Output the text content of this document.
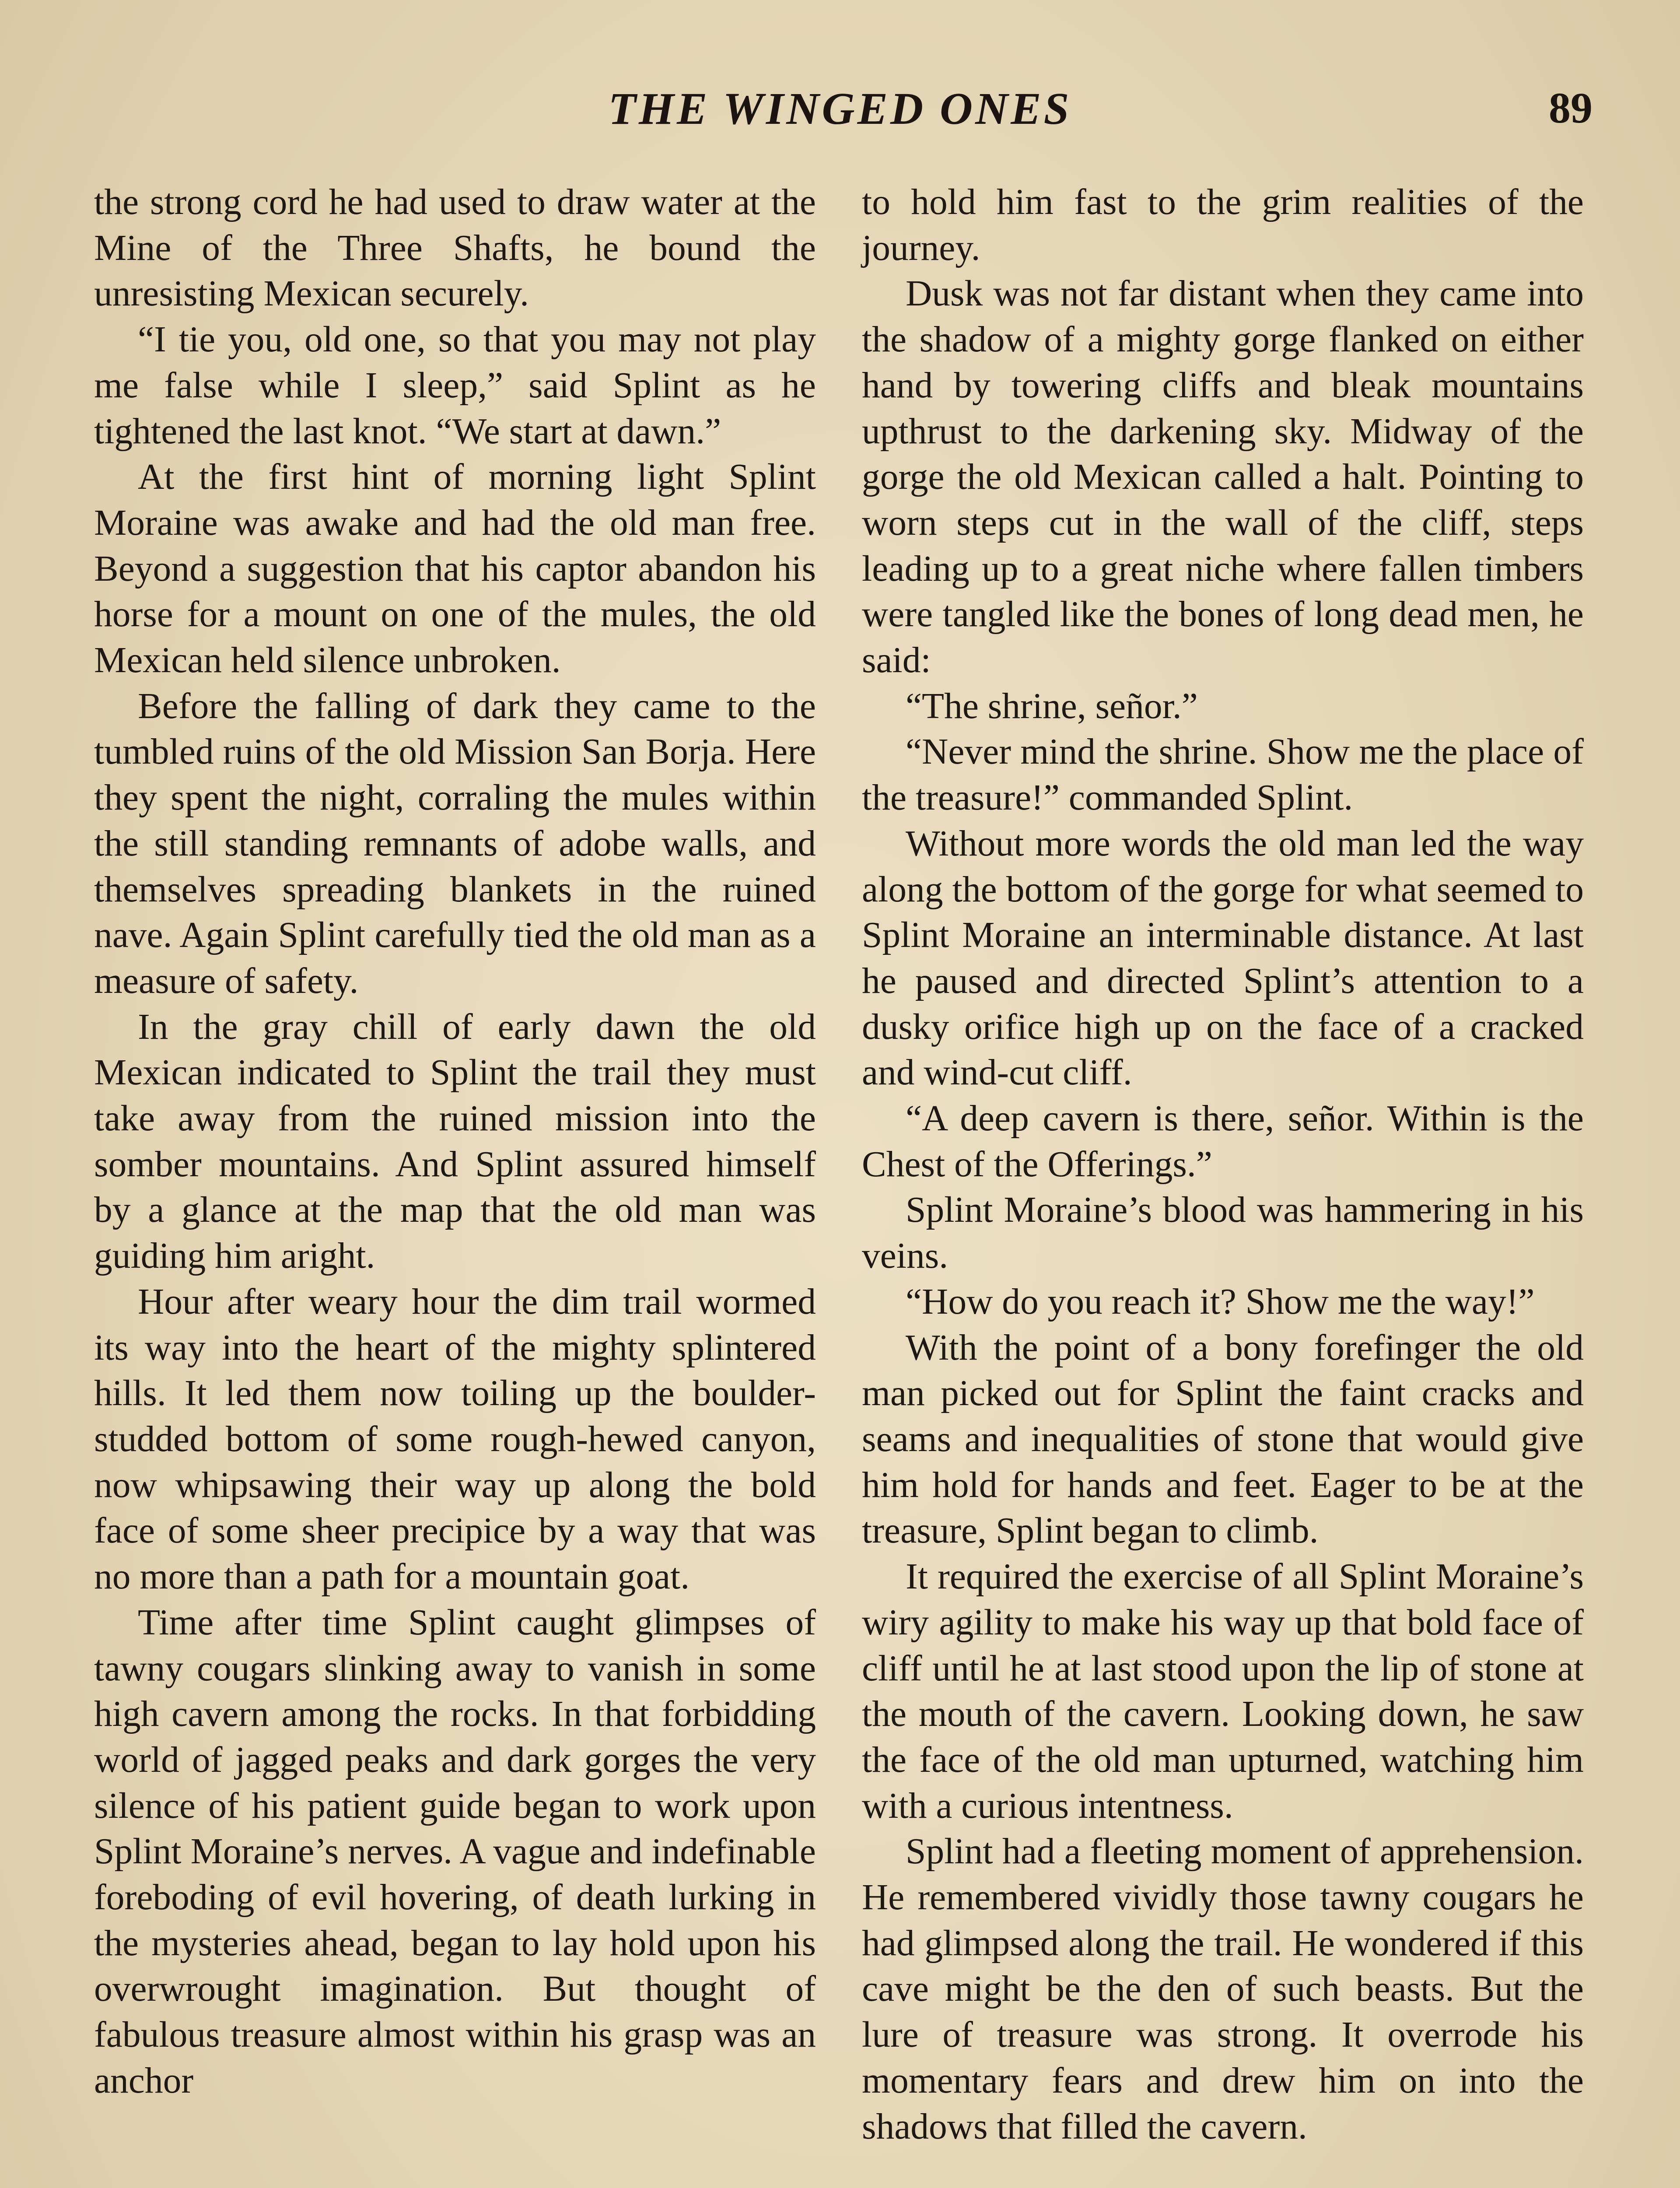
THE WINGED ONES	89

the strong cord he had used to draw water at the Mine of the Three Shafts, he bound the unresisting Mexican securely.

“I tie you, old one, so that you may not play me false while I sleep,” said Splint as he tightened the last knot. “We start at dawn.”

At the first hint of morning light Splint Moraine was awake and had the old man free. Beyond a suggestion that his captor abandon his horse for a mount on one of the mules, the old Mexican held silence unbroken.

Before the falling of dark they came to the tumbled ruins of the old Mission San Borja. Here they spent the night, corraling the mules within the still standing remnants of adobe walls, and themselves spreading blankets in the ruined nave. Again Splint carefully tied the old man as a measure of safety.

In the gray chill of early dawn the old Mexican indicated to Splint the trail they must take away from the ruined mission into the somber mountains. And Splint assured himself by a glance at the map that the old man was guiding him aright.

Hour after weary hour the dim trail wormed its way into the heart of the mighty splintered hills. It led them now toiling up the boulder-studded bottom of some rough-hewed canyon, now whipsawing their way up along the bold face of some sheer precipice by a way that was no more than a path for a mountain goat.

Time after time Splint caught glimpses of tawny cougars slinking away to vanish in some high cavern among the rocks. In that forbidding world of jagged peaks and dark gorges the very silence of his patient guide began to work upon Splint Moraine’s nerves. A vague and indefinable foreboding of evil hovering, of death lurking in the mysteries ahead, began to lay hold upon his overwrought imagination. But thought of fabulous treasure almost within his grasp was an anchor

to hold him fast to the grim realities of the journey.

Dusk was not far distant when they came into the shadow of a mighty gorge flanked on either hand by towering cliffs and bleak mountains upthrust to the darkening sky. Midway of the gorge the old Mexican called a halt. Pointing to worn steps cut in the wall of the cliff, steps leading up to a great niche where fallen timbers were tangled like the bones of long dead men, he said:

“The shrine, señor.”

“Never mind the shrine. Show me the place of the treasure!” commanded Splint.

Without more words the old man led the way along the bottom of the gorge for what seemed to Splint Moraine an interminable distance. At last he paused and directed Splint’s attention to a dusky orifice high up on the face of a cracked and wind-cut cliff.

“A deep cavern is there, señor. Within is the Chest of the Offerings.”

Splint Moraine’s blood was hammering in his veins.

“How do you reach it? Show me the way!”

With the point of a bony forefinger the old man picked out for Splint the faint cracks and seams and inequalities of stone that would give him hold for hands and feet. Eager to be at the treasure, Splint began to climb.

It required the exercise of all Splint Moraine’s wiry agility to make his way up that bold face of cliff until he at last stood upon the lip of stone at the mouth of the cavern. Looking down, he saw the face of the old man upturned, watching him with a curious intentness.

Splint had a fleeting moment of apprehension. He remembered vividly those tawny cougars he had glimpsed along the trail. He wondered if this cave might be the den of such beasts. But the lure of treasure was strong. It overrode his momentary fears and drew him on into the shadows that filled the cavern.
